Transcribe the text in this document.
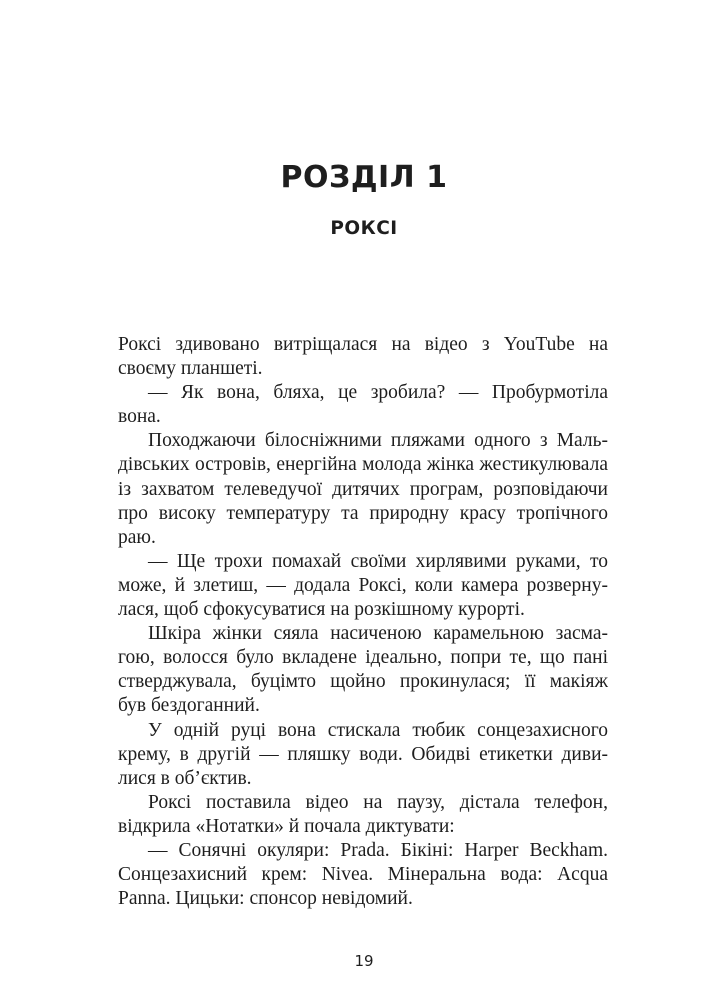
РОЗДІЛ 1
РОКСІ
Роксі здивовано витріщалася на відео з YouTube на
своєму планшеті.
— Як вона, бляха, це зробила? — Пробурмотіла
вона.
Походжаючи білосніжними пляжами одного з Маль-
дівських островів, енергійна молода жінка жестикулювала
із захватом телеведучої дитячих програм, розповідаючи
про високу температуру та природну красу тропічного
раю.
— Ще трохи помахай своїми хирлявими руками, то
може, й злетиш, — додала Роксі, коли камера розверну-
лася, щоб сфокусуватися на розкішному курорті.
Шкіра жінки сяяла насиченою карамельною засма-
гою, волосся було вкладене ідеально, попри те, що пані
стверджувала, буцімто щойно прокинулася; її макіяж
був бездоганний.
У одній руці вона стискала тюбик сонцезахисного
крему, в другій — пляшку води. Обидві етикетки диви-
лися в об’єктив.
Роксі поставила відео на паузу, дістала телефон,
відкрила «Нотатки» й почала диктувати:
— Сонячні окуляри: Prada. Бікіні: Harper Beckham.
Сонцезахисний крем: Nivea. Мінеральна вода: Acqua
Panna. Цицьки: спонсор невідомий.
19
